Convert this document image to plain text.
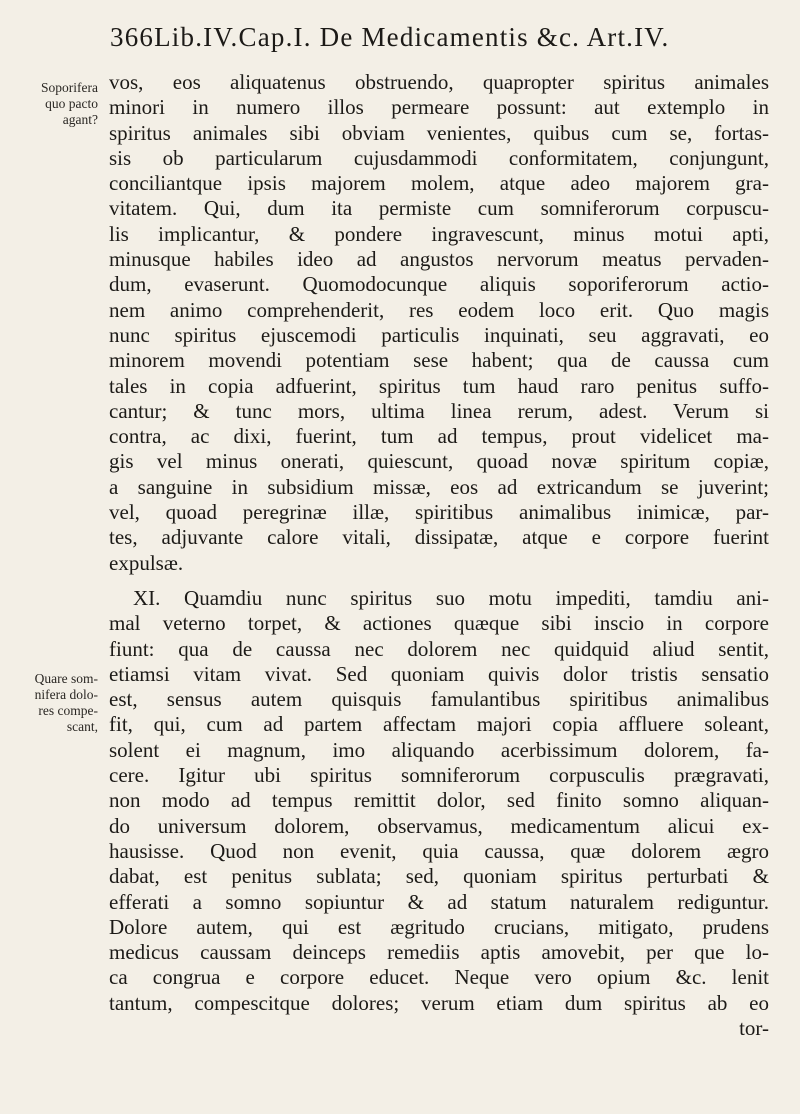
366Lib.IV.Cap.I. De Medicamentis &c. Art.IV.
Soporifera
quo pacto
agant?
Quare som-
nifera dolo-
res compe-
scant,
vos, eos aliquatenus obstruendo, quapropter spiritus animales
minori in numero illos permeare possunt: aut extemplo in
spiritus animales sibi obviam venientes, quibus cum se, fortas-
sis ob particularum cujusdammodi conformitatem, conjungunt,
conciliantque ipsis majorem molem, atque adeo majorem gra-
vitatem. Qui, dum ita permiste cum somniferorum corpuscu-
lis implicantur, & pondere ingravescunt, minus motui apti,
minusque habiles ideo ad angustos nervorum meatus pervaden-
dum, evaserunt. Quomodocunque aliquis soporiferorum actio-
nem animo comprehenderit, res eodem loco erit. Quo magis
nunc spiritus ejuscemodi particulis inquinati, seu aggravati, eo
minorem movendi potentiam sese habent; qua de caussa cum
tales in copia adfuerint, spiritus tum haud raro penitus suffo-
cantur; & tunc mors, ultima linea rerum, adest. Verum si
contra, ac dixi, fuerint, tum ad tempus, prout videlicet ma-
gis vel minus onerati, quiescunt, quoad novæ spiritum copiæ,
a sanguine in subsidium missæ, eos ad extricandum se juverint;
vel, quoad peregrinæ illæ, spiritibus animalibus inimicæ, par-
tes, adjuvante calore vitali, dissipatæ, atque e corpore fuerint
expulsæ.
XI. Quamdiu nunc spiritus suo motu impediti, tamdiu ani-
mal veterno torpet, & actiones quæque sibi inscio in corpore
fiunt: qua de caussa nec dolorem nec quidquid aliud sentit,
etiamsi vitam vivat. Sed quoniam quivis dolor tristis sensatio
est, sensus autem quisquis famulantibus spiritibus animalibus
fit, qui, cum ad partem affectam majori copia affluere soleant,
solent ei magnum, imo aliquando acerbissimum dolorem, fa-
cere. Igitur ubi spiritus somniferorum corpusculis prægravati,
non modo ad tempus remittit dolor, sed finito somno aliquan-
do universum dolorem, observamus, medicamentum alicui ex-
hausisse. Quod non evenit, quia caussa, quæ dolorem ægro
dabat, est penitus sublata; sed, quoniam spiritus perturbati &
efferati a somno sopiuntur & ad statum naturalem rediguntur.
Dolore autem, qui est ægritudo crucians, mitigato, prudens
medicus caussam deinceps remediis aptis amovebit, per que lo-
ca congrua e corpore educet. Neque vero opium &c. lenit
tantum, compescitque dolores; verum etiam dum spiritus ab eo
tor-
